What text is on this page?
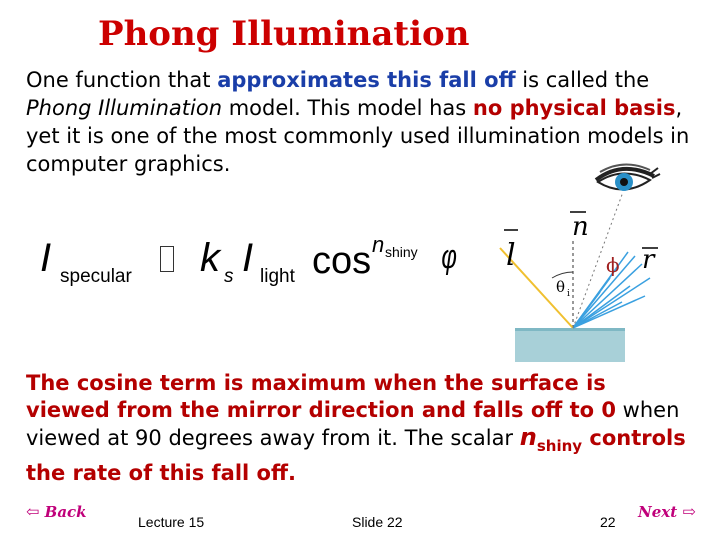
Phong Illumination
One function that approximates this fall off is called the Phong Illumination model. This model has no physical basis, yet it is one of the most commonly used illumination models in computer graphics.
I specular k s I light cos n shiny φ
n
l	r
ϕ
θ i
The cosine term is maximum when the surface is viewed from the mirror direction and falls off to 0 when viewed at 90 degrees away from it. The scalar $n_{shiny}$ controls the rate of this fall off.
⇦ Back
Lecture 15	Slide 22	22
Next ⇨
